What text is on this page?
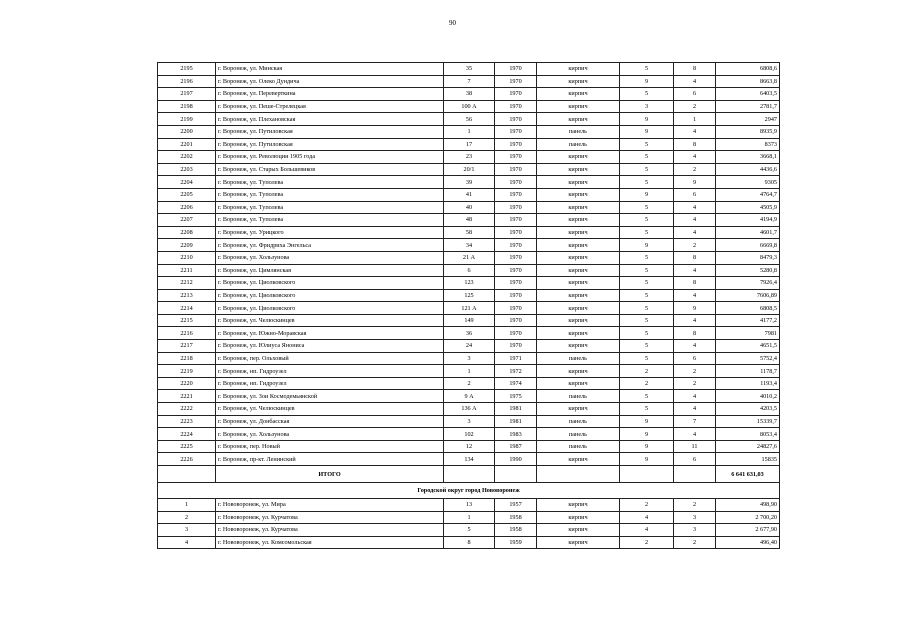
90
2195	г. Воронеж, ул. Минская	35	1970	кирпич	5	8	6808,6
2196	г. Воронеж, ул. Олеко Дундича	7	1970	кирпич	9	4	8663,8
2197	г. Воронеж, ул. Переверткина	38	1970	кирпич	5	6	6403,5
2198	г. Воронеж, ул. Пеше-Стрелецкая	100 А	1970	кирпич	3	2	2781,7
2199	г. Воронеж, ул. Плехановская	56	1970	кирпич	9	1	2947
2200	г. Воронеж, ул. Путиловская	1	1970	панель	9	4	8935,9
2201	г. Воронеж, ул. Путиловская	17	1970	панель	5	8	8373
2202	г. Воронеж, ул. Революции 1905 года	23	1970	кирпич	5	4	3668,1
2203	г. Воронеж, ул. Старых Большевиков	20/1	1970	кирпич	5	2	4436,6
2204	г. Воронеж, ул. Туполева	39	1970	кирпич	5	9	9305
2205	г. Воронеж, ул. Туполева	41	1970	кирпич	9	6	4764,7
2206	г. Воронеж, ул. Туполева	40	1970	кирпич	5	4	4505,9
2207	г. Воронеж, ул. Туполева	48	1970	кирпич	5	4	4194,9
2208	г. Воронеж, ул. Урицкого	58	1970	кирпич	5	4	4601,7
2209	г. Воронеж, ул. Фридриха Энгельса	34	1970	кирпич	9	2	6669,8
2210	г. Воронеж, ул. Хользунова	21 А	1970	кирпич	5	8	8479,3
2211	г. Воронеж, ул. Цимлянская	6	1970	кирпич	5	4	5280,8
2212	г. Воронеж, ул. Циолковского	123	1970	кирпич	5	8	7926,4
2213	г. Воронеж, ул. Циолковского	125	1970	кирпич	5	4	7606,89
2214	г. Воронеж, ул. Циолковского	121 А	1970	кирпич	5	9	6808,5
2215	г. Воронеж, ул. Челюскинцев	149	1970	кирпич	5	4	4177,2
2216	г. Воронеж, ул. Южно-Моравская	36	1970	кирпич	5	8	7981
2217	г. Воронеж, ул. Юлиуса Янониса	24	1970	кирпич	5	4	4651,5
2218	г. Воронеж, пер. Ольховый	3	1971	панель	5	6	5752,4
2219	г. Воронеж, нп. Гидроузел	1	1972	кирпич	2	2	1178,7
2220	г. Воронеж, нп. Гидроузел	2	1974	кирпич	2	2	1193,4
2221	г. Воронеж, ул. Зои Космодемьянской	9 А	1975	панель	5	4	4010,2
2222	г. Воронеж, ул. Челюскинцев	136 А	1981	кирпич	5	4	4203,5
2223	г. Воронеж, ул. Донбасская	3	1981	панель	9	7	15339,7
2224	г. Воронеж, ул. Хользунова	102	1983	панель	9	4	8053,4
2225	г. Воронеж, пер. Новый	12	1987	панель	9	11	24827,6
2226	г. Воронеж, пр-кт. Ленинский	134	1990	кирпич	9	6	15835
	ИТОГО						6 641 631,03
Городской округ город Нововоронеж							
1	г. Нововоронеж, ул. Мира	13	1957	кирпич	2	2	498,90
2	г. Нововоронеж, ул. Курчатова	1	1958	кирпич	4	3	2 700,20
3	г. Нововоронеж, ул. Курчатова	5	1958	кирпич	4	3	2 677,90
4	г. Нововоронеж, ул. Комсомольская	8	1959	кирпич	2	2	496,40
